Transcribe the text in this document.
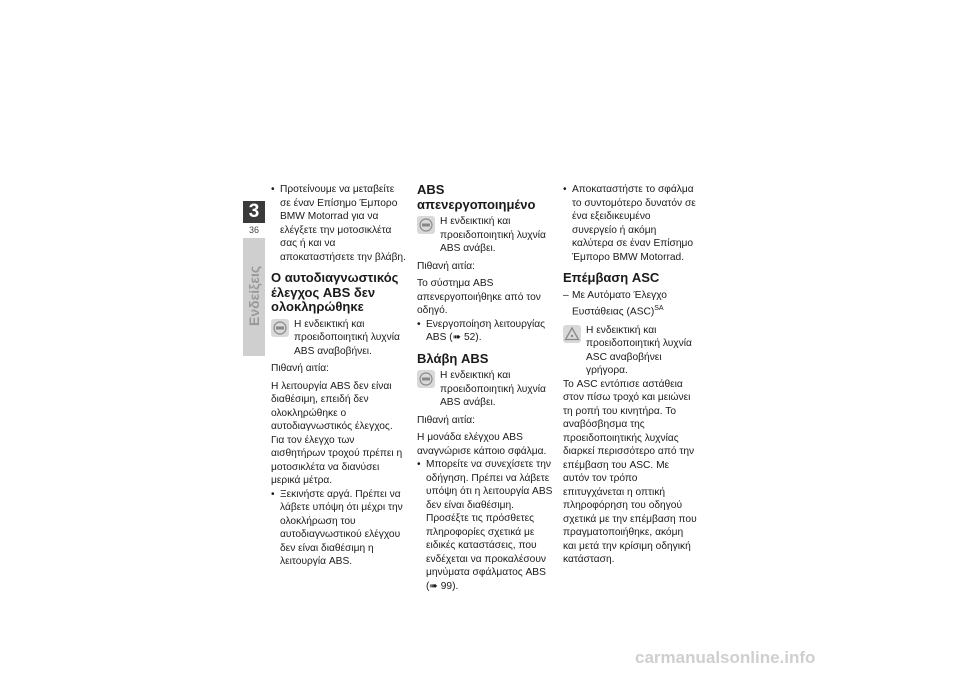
3
36
Ενδείξεις
• Προτείνουμε να μεταβείτε σε έναν Επίσημο Έμπορο BMW Motorrad για να ελέγξετε την μοτοσικλέτα σας ή και να αποκαταστήσετε την βλάβη.
Ο αυτοδιαγνωστικός έλεγχος ABS δεν ολοκληρώθηκε
Η ενδεικτική και προειδοποιητική λυχνία ABS αναβοβήνει.

Πιθανή αιτία:

Η λειτουργία ABS δεν είναι διαθέσιμη, επειδή δεν ολοκληρώθηκε ο αυτοδιαγνωστικός έλεγχος. Για τον έλεγχο των αισθητήρων τροχού πρέπει η μοτοσικλέτα να διανύσει μερικά μέτρα.

• Ξεκινήστε αργά. Πρέπει να λάβετε υπόψη ότι μέχρι την ολοκλήρωση του αυτοδιαγνωστικού ελέγχου δεν είναι διαθέσιμη η λειτουργία ABS.
ABS απενεργοποιημένο
Η ενδεικτική και προειδοποιητική λυχνία ABS ανάβει.

Πιθανή αιτία:

Το σύστημα ABS απενεργοποιήθηκε από τον οδηγό.

• Ενεργοποίηση λειτουργίας ABS (➠ 52).
Βλάβη ABS
Η ενδεικτική και προειδοποιητική λυχνία ABS ανάβει.

Πιθανή αιτία:

Η μονάδα ελέγχου ABS αναγνώρισε κάποιο σφάλμα.

• Μπορείτε να συνεχίσετε την οδήγηση. Πρέπει να λάβετε υπόψη ότι η λειτουργία ABS δεν είναι διαθέσιμη. Προσέξτε τις πρόσθετες πληροφορίες σχετικά με ειδικές καταστάσεις, που ενδέχεται να προκαλέσουν μηνύματα σφάλματος ABS (➠ 99).
• Αποκαταστήστε το σφάλμα το συντομότερο δυνατόν σε ένα εξειδικευμένο συνεργείο ή ακόμη καλύτερα σε έναν Επίσημο Έμπορο BMW Motorrad.
Επέμβαση ASC
– Με Αυτόματο Έλεγχο Ευστάθειας (ASC)$^{SA}$
Η ενδεικτική και προειδοποιητική λυχνία ASC αναβοβήνει γρήγορα.

Το ASC εντόπισε αστάθεια στον πίσω τροχό και μειώνει τη ροπή του κινητήρα. Το αναβόσβησμα της προειδοποιητικής λυχνίας διαρκεί περισσότερο από την επέμβαση του ASC. Με αυτόν τον τρόπο επιτυγχάνεται η οπτική πληροφόρηση του οδηγού σχετικά με την επέμβαση που πραγματοποιήθηκε, ακόμη και μετά την κρίσιμη οδηγική κατάσταση.

carmanualsonline.info
